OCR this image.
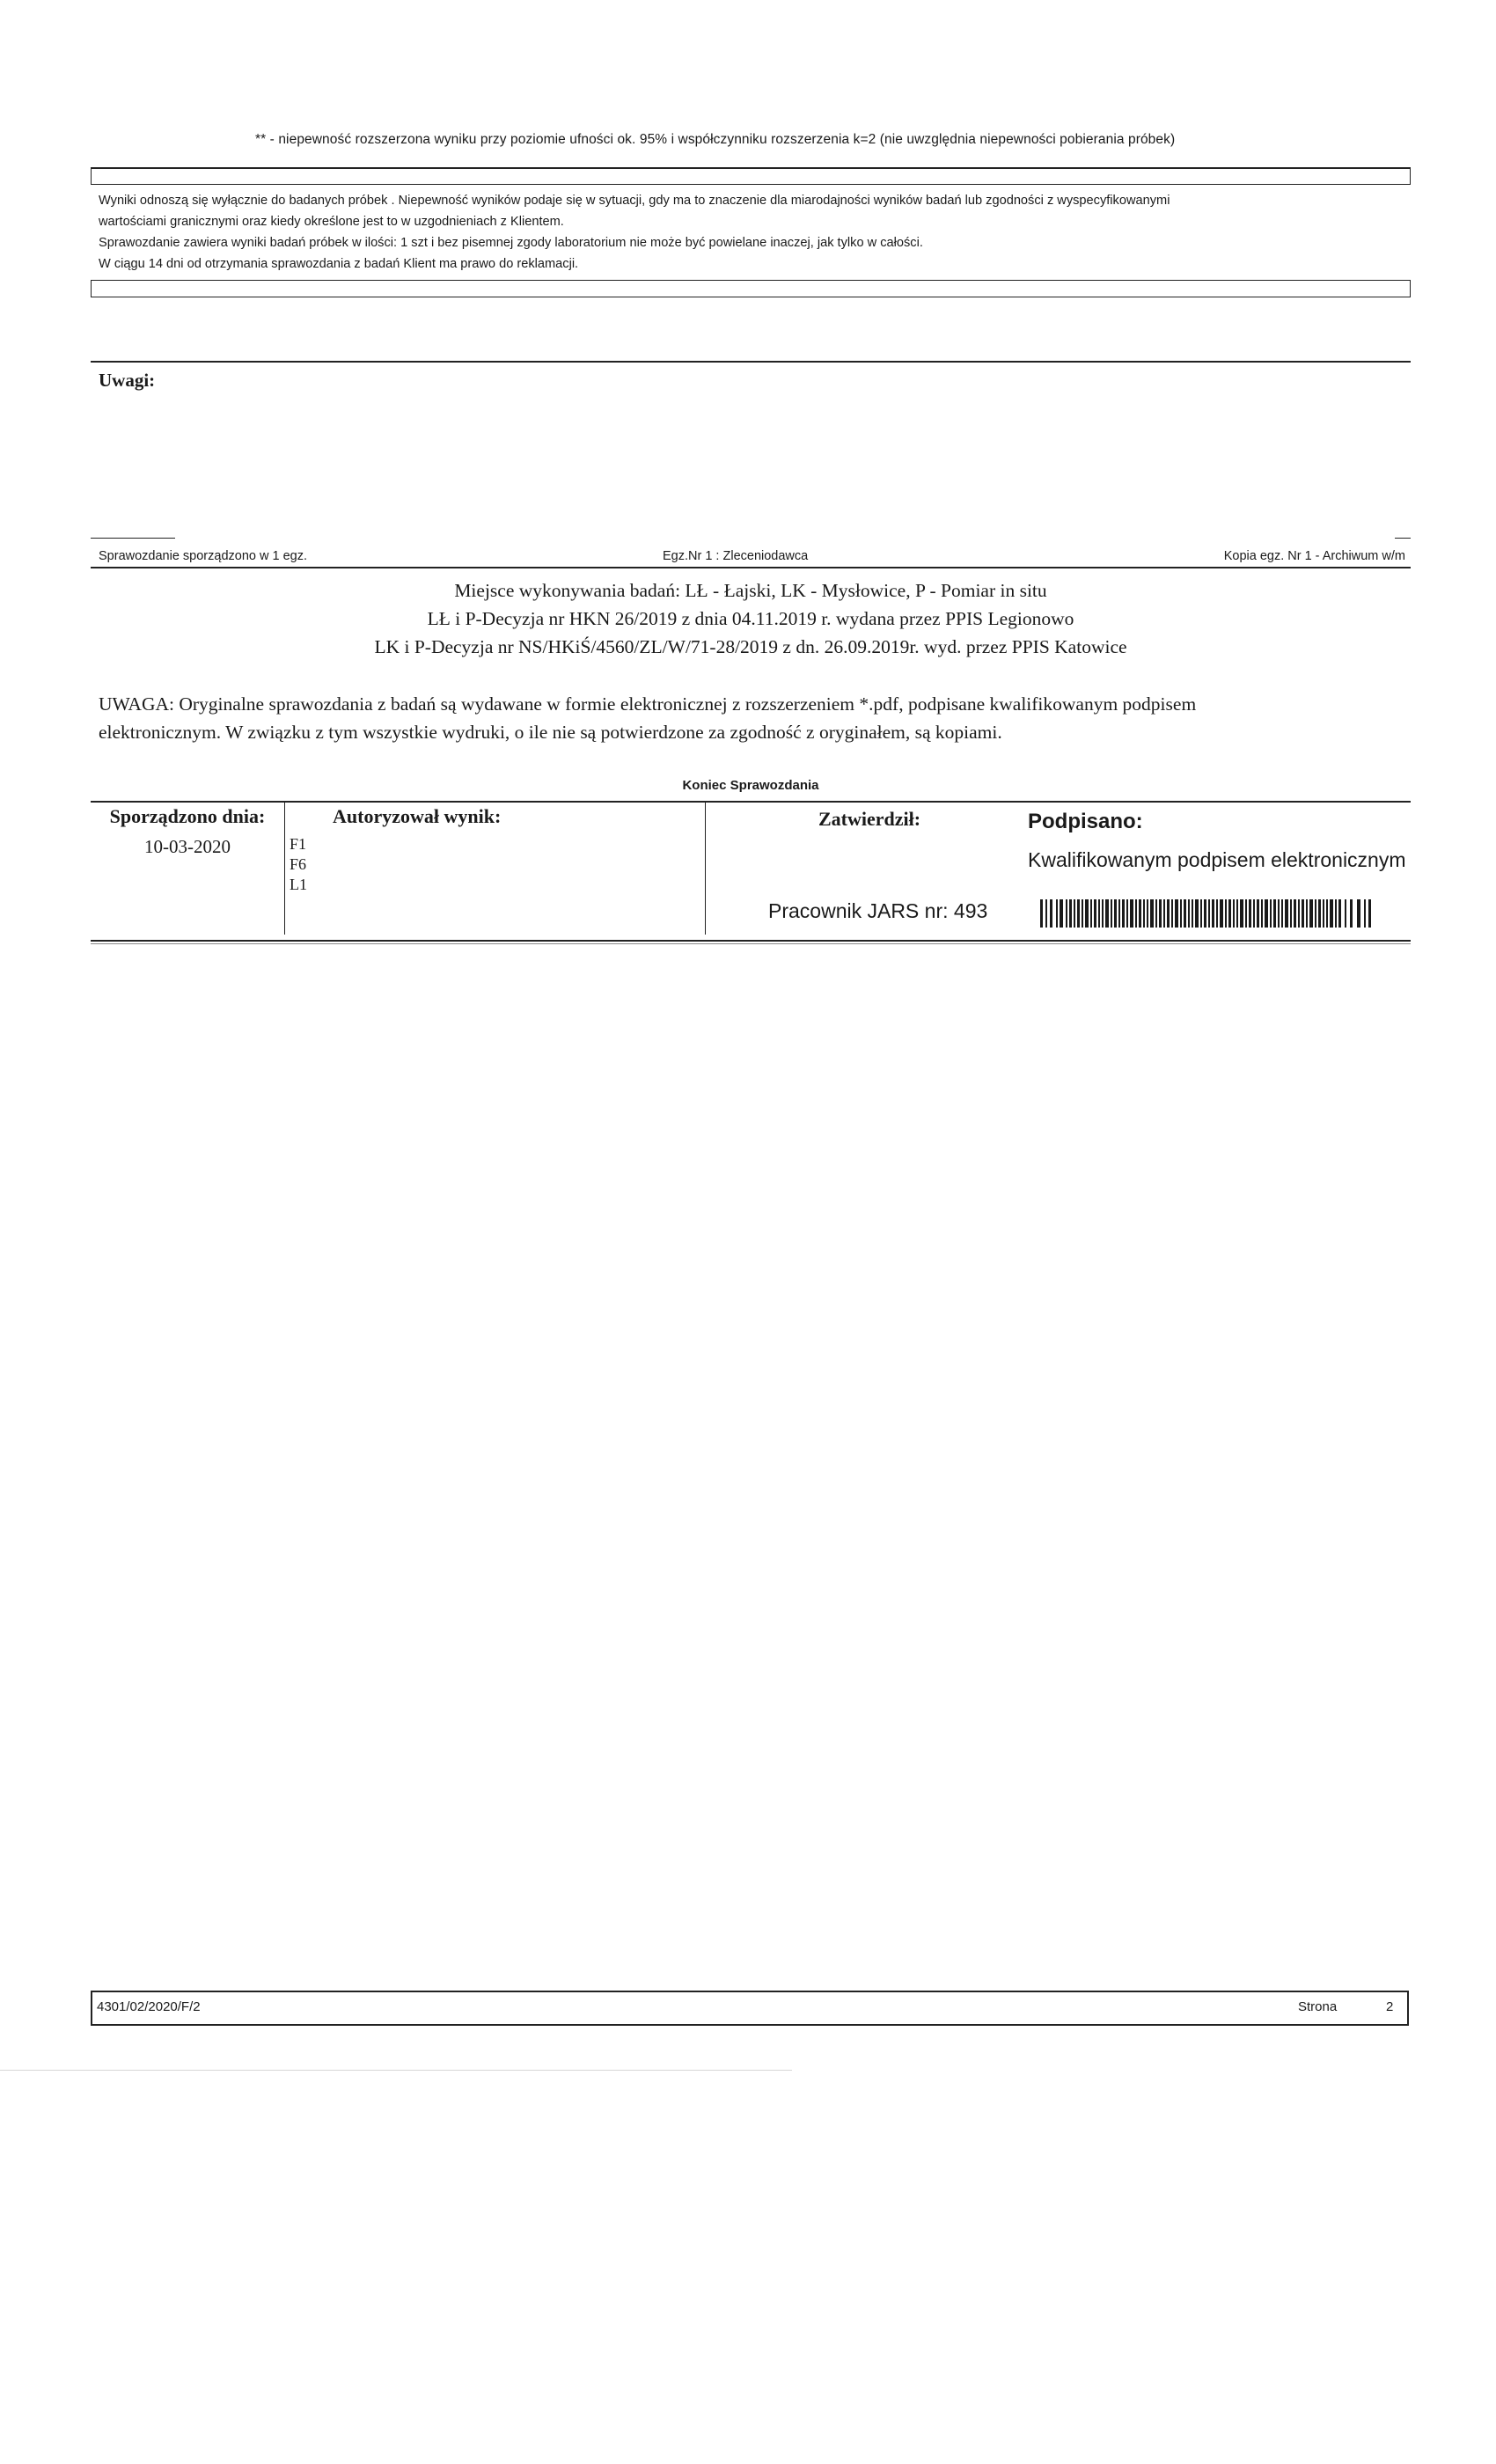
** - niepewność rozszerzona wyniku przy poziomie ufności ok. 95% i współczynniku rozszerzenia k=2 (nie uwzględnia niepewności pobierania próbek)
Wyniki odnoszą się wyłącznie do badanych próbek . Niepewność wyników podaje się w sytuacji, gdy ma to znaczenie dla miarodajności wyników badań lub zgodności z wyspecyfikowanymi
wartościami granicznymi oraz kiedy określone jest to w uzgodnieniach z Klientem.
Sprawozdanie zawiera wyniki badań próbek w ilości: 1 szt i bez pisemnej zgody laboratorium nie może być powielane inaczej, jak tylko w całości.
W ciągu 14 dni od otrzymania sprawozdania z badań Klient ma prawo do reklamacji.
Uwagi:
Sprawozdanie sporządzono w 1 egz.	Egz.Nr 1 : Zleceniodawca	Kopia egz. Nr 1 - Archiwum w/m
Miejsce wykonywania badań: LŁ - Łajski, LK - Mysłowice, P - Pomiar in situ
LŁ i P-Decyzja nr HKN 26/2019 z dnia 04.11.2019 r. wydana przez PPIS Legionowo
LK i P-Decyzja nr NS/HKiŚ/4560/ZL/W/71-28/2019 z dn. 26.09.2019r. wyd. przez PPIS Katowice
UWAGA: Oryginalne sprawozdania z badań są wydawane w formie elektronicznej z rozszerzeniem *.pdf, podpisane kwalifikowanym podpisem
elektronicznym. W związku z tym wszystkie wydruki, o ile nie są potwierdzone za zgodność z oryginałem, są kopiami.
Koniec Sprawozdania
Sporządzono dnia:
10-03-2020
Autoryzował wynik:
F1
F6
L1
Zatwierdził:
Pracownik JARS nr: 493
Podpisano:
Kwalifikowanym podpisem elektronicznym
4301/02/2020/F/2	Strona	2
